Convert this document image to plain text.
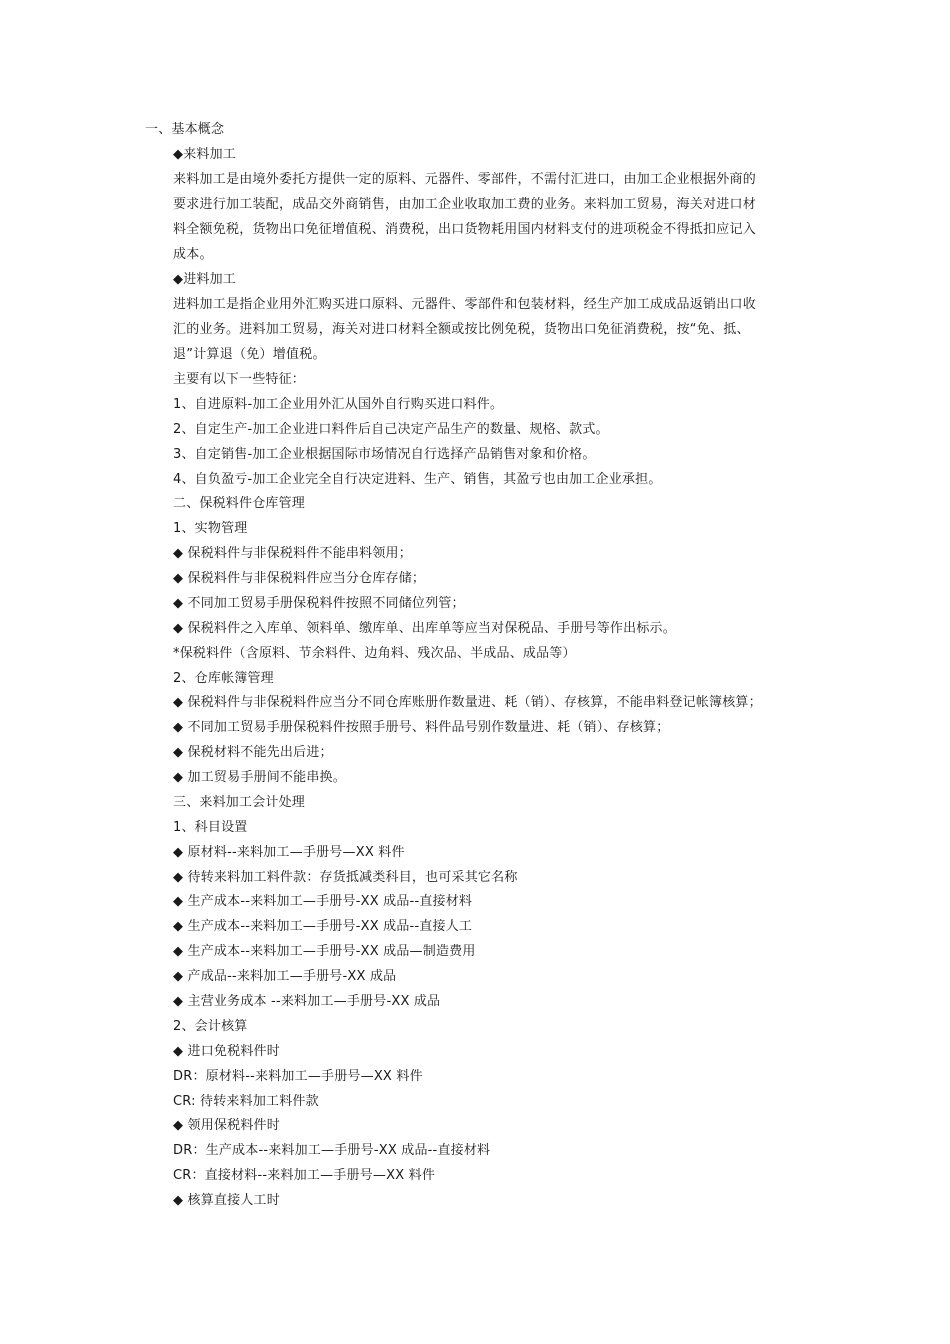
一、基本概念
◆来料加工
来料加工是由境外委托方提供一定的原料、元器件、零部件，不需付汇进口，由加工企业根据外商的
要求进行加工装配，成品交外商销售，由加工企业收取加工费的业务。来料加工贸易，海关对进口材
料全额免税，货物出口免征增值税、消费税，出口货物耗用国内材料支付的进项税金不得抵扣应记入
成本。
◆进料加工
进料加工是指企业用外汇购买进口原料、元器件、零部件和包装材料，经生产加工成成品返销出口收
汇的业务。进料加工贸易，海关对进口材料全额或按比例免税，货物出口免征消费税，按“免、抵、
退”计算退（免）增值税。
主要有以下一些特征：
1、自进原料-加工企业用外汇从国外自行购买进口料件。
2、自定生产-加工企业进口料件后自己决定产品生产的数量、规格、款式。
3、自定销售-加工企业根据国际市场情况自行选择产品销售对象和价格。
4、自负盈亏-加工企业完全自行决定进料、生产、销售，其盈亏也由加工企业承担。
二、保税料件仓库管理
1、实物管理
◆ 保税料件与非保税料件不能串料领用；
◆ 保税料件与非保税料件应当分仓库存储；
◆ 不同加工贸易手册保税料件按照不同储位列管；
◆ 保税料件之入库单、领料单、缴库单、出库单等应当对保税品、手册号等作出标示。
*保税料件（含原料、节余料件、边角料、残次品、半成品、成品等）
2、仓库帐簿管理
◆ 保税料件与非保税料件应当分不同仓库账册作数量进、耗（销）、存核算，不能串料登记帐簿核算；
◆ 不同加工贸易手册保税料件按照手册号、料件品号别作数量进、耗（销）、存核算；
◆ 保税材料不能先出后进；
◆ 加工贸易手册间不能串换。
三、来料加工会计处理
1、科目设置
◆ 原材料--来料加工—手册号—XX 料件
◆ 待转来料加工料件款：存货抵减类科目，也可采其它名称
◆ 生产成本--来料加工—手册号-XX 成品--直接材料
◆ 生产成本--来料加工—手册号-XX 成品--直接人工
◆ 生产成本--来料加工—手册号-XX 成品—制造费用
◆ 产成品--来料加工—手册号-XX 成品
◆ 主营业务成本 --来料加工—手册号-XX 成品
2、会计核算
◆ 进口免税料件时
DR：原材料--来料加工—手册号—XX 料件
CR: 待转来料加工料件款
◆ 领用保税料件时
DR：生产成本--来料加工—手册号-XX 成品--直接材料
CR：直接材料--来料加工—手册号—XX 料件
◆ 核算直接人工时
